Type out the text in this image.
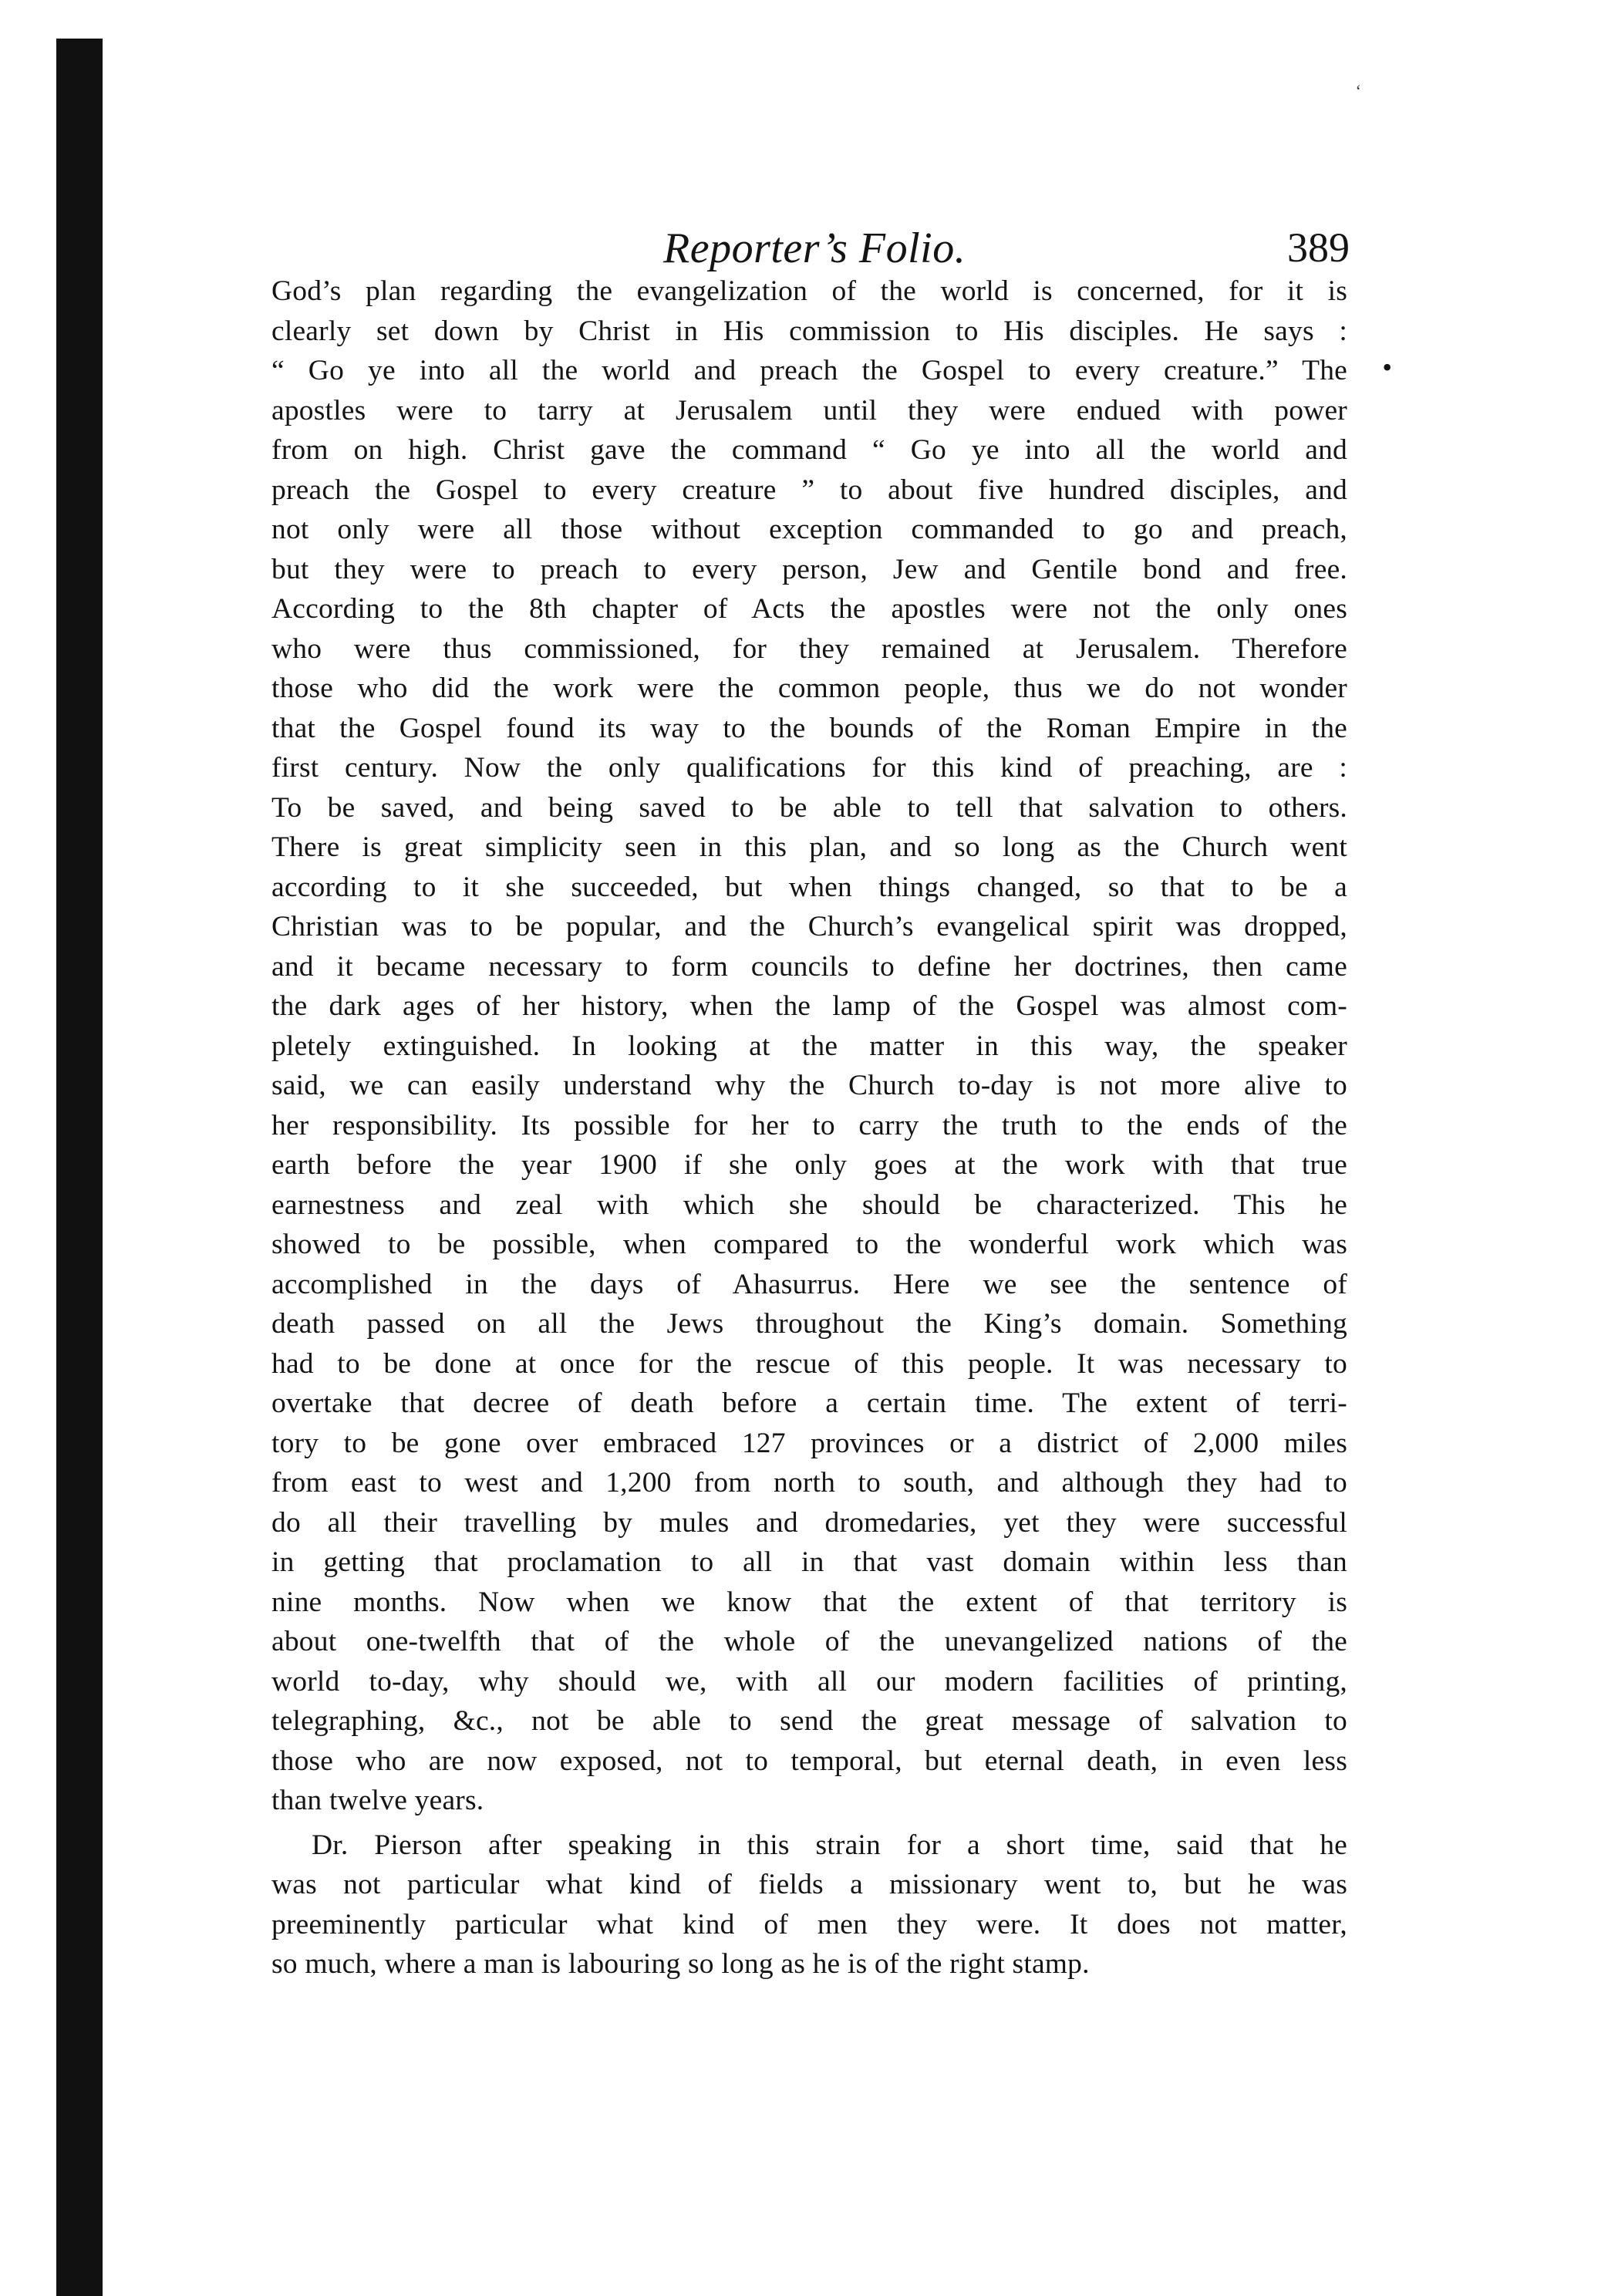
‘
Reporter’s Folio.	389
•
God’s plan regarding the evangelization of the world is concerned, for it is
clearly set down by Christ in His commission to His disciples. He says :
“ Go ye into all the world and preach the Gospel to every creature.” The
apostles were to tarry at Jerusalem until they were endued with power
from on high. Christ gave the command “ Go ye into all the world and
preach the Gospel to every creature ” to about five hundred disciples, and
not only were all those without exception commanded to go and preach,
but they were to preach to every person, Jew and Gentile bond and free.
According to the 8th chapter of Acts the apostles were not the only ones
who were thus commissioned, for they remained at Jerusalem. Therefore
those who did the work were the common people, thus we do not wonder
that the Gospel found its way to the bounds of the Roman Empire in the
first century. Now the only qualifications for this kind of preaching, are :
To be saved, and being saved to be able to tell that salvation to others.
There is great simplicity seen in this plan, and so long as the Church went
according to it she succeeded, but when things changed, so that to be a
Christian was to be popular, and the Church’s evangelical spirit was dropped,
and it became necessary to form councils to define her doctrines, then came
the dark ages of her history, when the lamp of the Gospel was almost com-
pletely extinguished. In looking at the matter in this way, the speaker
said, we can easily understand why the Church to-day is not more alive to
her responsibility. Its possible for her to carry the truth to the ends of the
earth before the year 1900 if she only goes at the work with that true
earnestness and zeal with which she should be characterized. This he
showed to be possible, when compared to the wonderful work which was
accomplished in the days of Ahasurrus. Here we see the sentence of
death passed on all the Jews throughout the King’s domain. Something
had to be done at once for the rescue of this people. It was necessary to
overtake that decree of death before a certain time. The extent of terri-
tory to be gone over embraced 127 provinces or a district of 2,000 miles
from east to west and 1,200 from north to south, and although they had to
do all their travelling by mules and dromedaries, yet they were successful
in getting that proclamation to all in that vast domain within less than
nine months. Now when we know that the extent of that territory is
about one-twelfth that of the whole of the unevangelized nations of the
world to-day, why should we, with all our modern facilities of printing,
telegraphing, &c., not be able to send the great message of salvation to
those who are now exposed, not to temporal, but eternal death, in even less
than twelve years.
Dr. Pierson after speaking in this strain for a short time, said that he
was not particular what kind of fields a missionary went to, but he was
preeminently particular what kind of men they were. It does not matter,
so much, where a man is labouring so long as he is of the right stamp.
